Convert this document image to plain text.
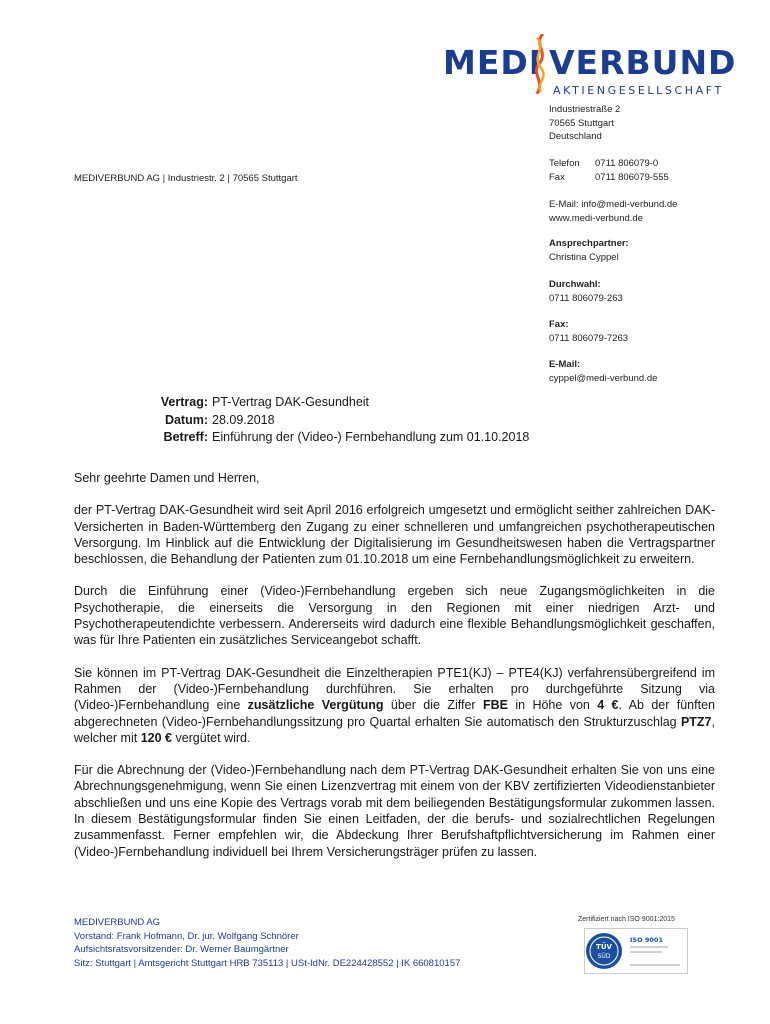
MEDI VERBUND
AKTIENGESELLSCHAFT
MEDIVERBUND AG | Industriestr. 2 | 70565 Stuttgart
Industriestraße 2
70565 Stuttgart
Deutschland
Telefon 0711 806079-0
Fax	0711 806079-555
E-Mail: info@medi-verbund.de
www.medi-verbund.de
Ansprechpartner:
Christina Cyppel
Durchwahl:
0711 806079-263
Fax:
0711 806079-7263
E-Mail:
cyppel@medi-verbund.de
Vertrag: PT-Vertrag DAK-Gesundheit
Datum: 28.09.2018
Betreff: Einführung der (Video-) Fernbehandlung zum 01.10.2018

Sehr geehrte Damen und Herren,

der PT-Vertrag DAK-Gesundheit wird seit April 2016 erfolgreich umgesetzt und ermöglicht seither zahlreichen DAK-Versicherten in Baden-Württemberg den Zugang zu einer schnelleren und umfangreichen psychotherapeutischen Versorgung. Im Hinblick auf die Entwicklung der Digitalisierung im Gesundheitswesen haben die Vertragspartner beschlossen, die Behandlung der Patienten zum 01.10.2018 um eine Fernbehandlungsmöglichkeit zu erweitern.

Durch die Einführung einer (Video-)Fernbehandlung ergeben sich neue Zugangsmöglichkeiten in die Psychotherapie, die einerseits die Versorgung in den Regionen mit einer niedrigen Arzt- und Psychotherapeutendichte verbessern. Andererseits wird dadurch eine flexible Behandlungsmöglichkeit geschaffen, was für Ihre Patienten ein zusätzliches Serviceangebot schafft.

Sie können im PT-Vertrag DAK-Gesundheit die Einzeltherapien PTE1(KJ) – PTE4(KJ) verfahrensübergreifend im Rahmen der (Video-)Fernbehandlung durchführen. Sie erhalten pro durchgeführte Sitzung via (Video-)Fernbehandlung eine zusätzliche Vergütung über die Ziffer FBE in Höhe von 4 €. Ab der fünften abgerechneten (Video-)Fernbehandlungssitzung pro Quartal erhalten Sie automatisch den Strukturzuschlag PTZ7, welcher mit 120 € vergütet wird.

Für die Abrechnung der (Video-)Fernbehandlung nach dem PT-Vertrag DAK-Gesundheit erhalten Sie von uns eine Abrechnungsgenehmigung, wenn Sie einen Lizenzvertrag mit einem von der KBV zertifizierten Videodienstanbieter abschließen und uns eine Kopie des Vertrags vorab mit dem beiliegenden Bestätigungsformular zukommen lassen. In diesem Bestätigungsformular finden Sie einen Leitfaden, der die berufs- und sozialrechtlichen Regelungen zusammenfasst. Ferner empfehlen wir, die Abdeckung Ihrer Berufshaftpflichtversicherung im Rahmen einer (Video-)Fernbehandlung individuell bei Ihrem Versicherungsträger prüfen zu lassen.

MEDIVERBUND AG
Vorstand: Frank Hofmann, Dr. jur. Wolfgang Schnörer
Aufsichtsratsvorsitzender: Dr. Werner Baumgärtner
Sitz: Stuttgart | Amtsgericht Stuttgart HRB 735113 | USt-IdNr. DE224428552 | IK 660810157
Zertifiziert nach ISO 9001:2015
TÜV
SÜD
ISO 9001
